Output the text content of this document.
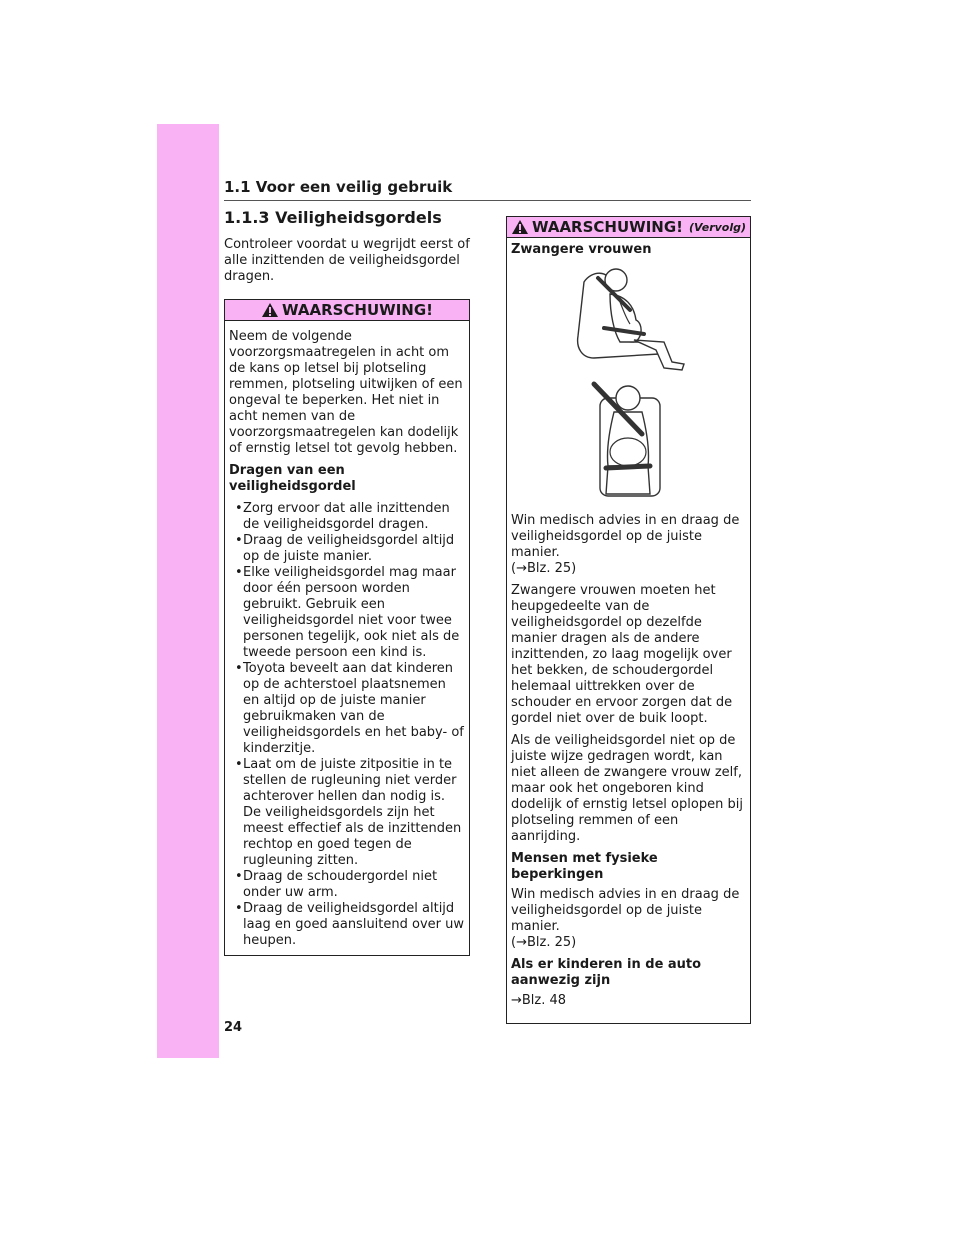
1.1 Voor een veilig gebruik
1.1.3 Veiligheidsgordels

Controleer voordat u wegrijdt eerst of alle inzittenden de veiligheidsgordel dragen.

WAARSCHUWING!

Neem de volgende voorzorgsmaatregelen in acht om de kans op letsel bij plotseling remmen, plotseling uitwijken of een ongeval te beperken. Het niet in acht nemen van de voorzorgsmaatregelen kan dodelijk of ernstig letsel tot gevolg hebben.

Dragen van een veiligheidsgordel

• Zorg ervoor dat alle inzittenden de veiligheidsgordel dragen.
• Draag de veiligheidsgordel altijd op de juiste manier.
• Elke veiligheidsgordel mag maar door één persoon worden gebruikt. Gebruik een veiligheidsgordel niet voor twee personen tegelijk, ook niet als de tweede persoon een kind is.
• Toyota beveelt aan dat kinderen op de achterstoel plaatsnemen en altijd op de juiste manier gebruikmaken van de veiligheidsgordels en het baby- of kinderzitje.
• Laat om de juiste zitpositie in te stellen de rugleuning niet verder achterover hellen dan nodig is. De veiligheidsgordels zijn het meest effectief als de inzittenden rechtop en goed tegen de rugleuning zitten.
• Draag de schoudergordel niet onder uw arm.
• Draag de veiligheidsgordel altijd laag en goed aansluitend over uw heupen.
WAARSCHUWING! (Vervolg)

Zwangere vrouwen

Win medisch advies in en draag de veiligheidsgordel op de juiste manier.
(→Blz. 25)

Zwangere vrouwen moeten het heupgedeelte van de veiligheidsgordel op dezelfde manier dragen als de andere inzittenden, zo laag mogelijk over het bekken, de schoudergordel helemaal uittrekken over de schouder en ervoor zorgen dat de gordel niet over de buik loopt.

Als de veiligheidsgordel niet op de juiste wijze gedragen wordt, kan niet alleen de zwangere vrouw zelf, maar ook het ongeboren kind dodelijk of ernstig letsel oplopen bij plotseling remmen of een aanrijding.

Mensen met fysieke beperkingen

Win medisch advies in en draag de veiligheidsgordel op de juiste manier.
(→Blz. 25)

Als er kinderen in de auto aanwezig zijn

→Blz. 48

24
